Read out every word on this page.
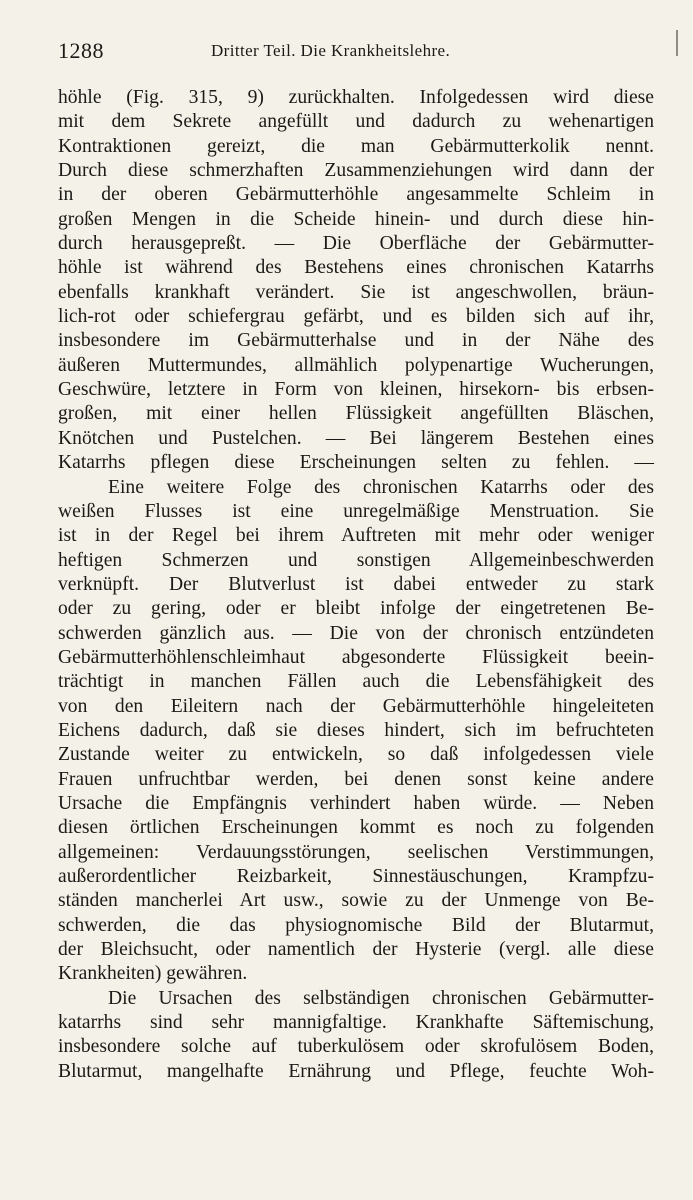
1288	Dritter Teil. Die Krankheitslehre.
höhle (Fig. 315, 9) zurückhalten. Infolgedessen wird diese
mit dem Sekrete angefüllt und dadurch zu wehenartigen
Kontraktionen gereizt, die man Gebärmutterkolik nennt.
Durch diese schmerzhaften Zusammenziehungen wird dann der
in der oberen Gebärmutterhöhle angesammelte Schleim in
großen Mengen in die Scheide hinein- und durch diese hin-
durch herausgepreßt. — Die Oberfläche der Gebärmutter-
höhle ist während des Bestehens eines chronischen Katarrhs
ebenfalls krankhaft verändert. Sie ist angeschwollen, bräun-
lich-rot oder schiefergrau gefärbt, und es bilden sich auf ihr,
insbesondere im Gebärmutterhalse und in der Nähe des
äußeren Muttermundes, allmählich polypenartige Wucherungen,
Geschwüre, letztere in Form von kleinen, hirsekorn- bis erbsen-
großen, mit einer hellen Flüssigkeit angefüllten Bläschen,
Knötchen und Pustelchen. — Bei längerem Bestehen eines
Katarrhs pflegen diese Erscheinungen selten zu fehlen. —
Eine weitere Folge des chronischen Katarrhs oder des
weißen Flusses ist eine unregelmäßige Menstruation. Sie
ist in der Regel bei ihrem Auftreten mit mehr oder weniger
heftigen Schmerzen und sonstigen Allgemeinbeschwerden
verknüpft. Der Blutverlust ist dabei entweder zu stark
oder zu gering, oder er bleibt infolge der eingetretenen Be-
schwerden gänzlich aus. — Die von der chronisch entzündeten
Gebärmutterhöhlenschleimhaut abgesonderte Flüssigkeit beein-
trächtigt in manchen Fällen auch die Lebensfähigkeit des
von den Eileitern nach der Gebärmutterhöhle hingeleiteten
Eichens dadurch, daß sie dieses hindert, sich im befruchteten
Zustande weiter zu entwickeln, so daß infolgedessen viele
Frauen unfruchtbar werden, bei denen sonst keine andere
Ursache die Empfängnis verhindert haben würde. — Neben
diesen örtlichen Erscheinungen kommt es noch zu folgenden
allgemeinen: Verdauungsstörungen, seelischen Verstimmungen,
außerordentlicher Reizbarkeit, Sinnestäuschungen, Krampfzu-
ständen mancherlei Art usw., sowie zu der Unmenge von Be-
schwerden, die das physiognomische Bild der Blutarmut,
der Bleichsucht, oder namentlich der Hysterie (vergl. alle diese
Krankheiten) gewähren.
Die Ursachen des selbständigen chronischen Gebärmutter-
katarrhs sind sehr mannigfaltige. Krankhafte Säftemischung,
insbesondere solche auf tuberkulösem oder skrofulösem Boden,
Blutarmut, mangelhafte Ernährung und Pflege, feuchte Woh-
